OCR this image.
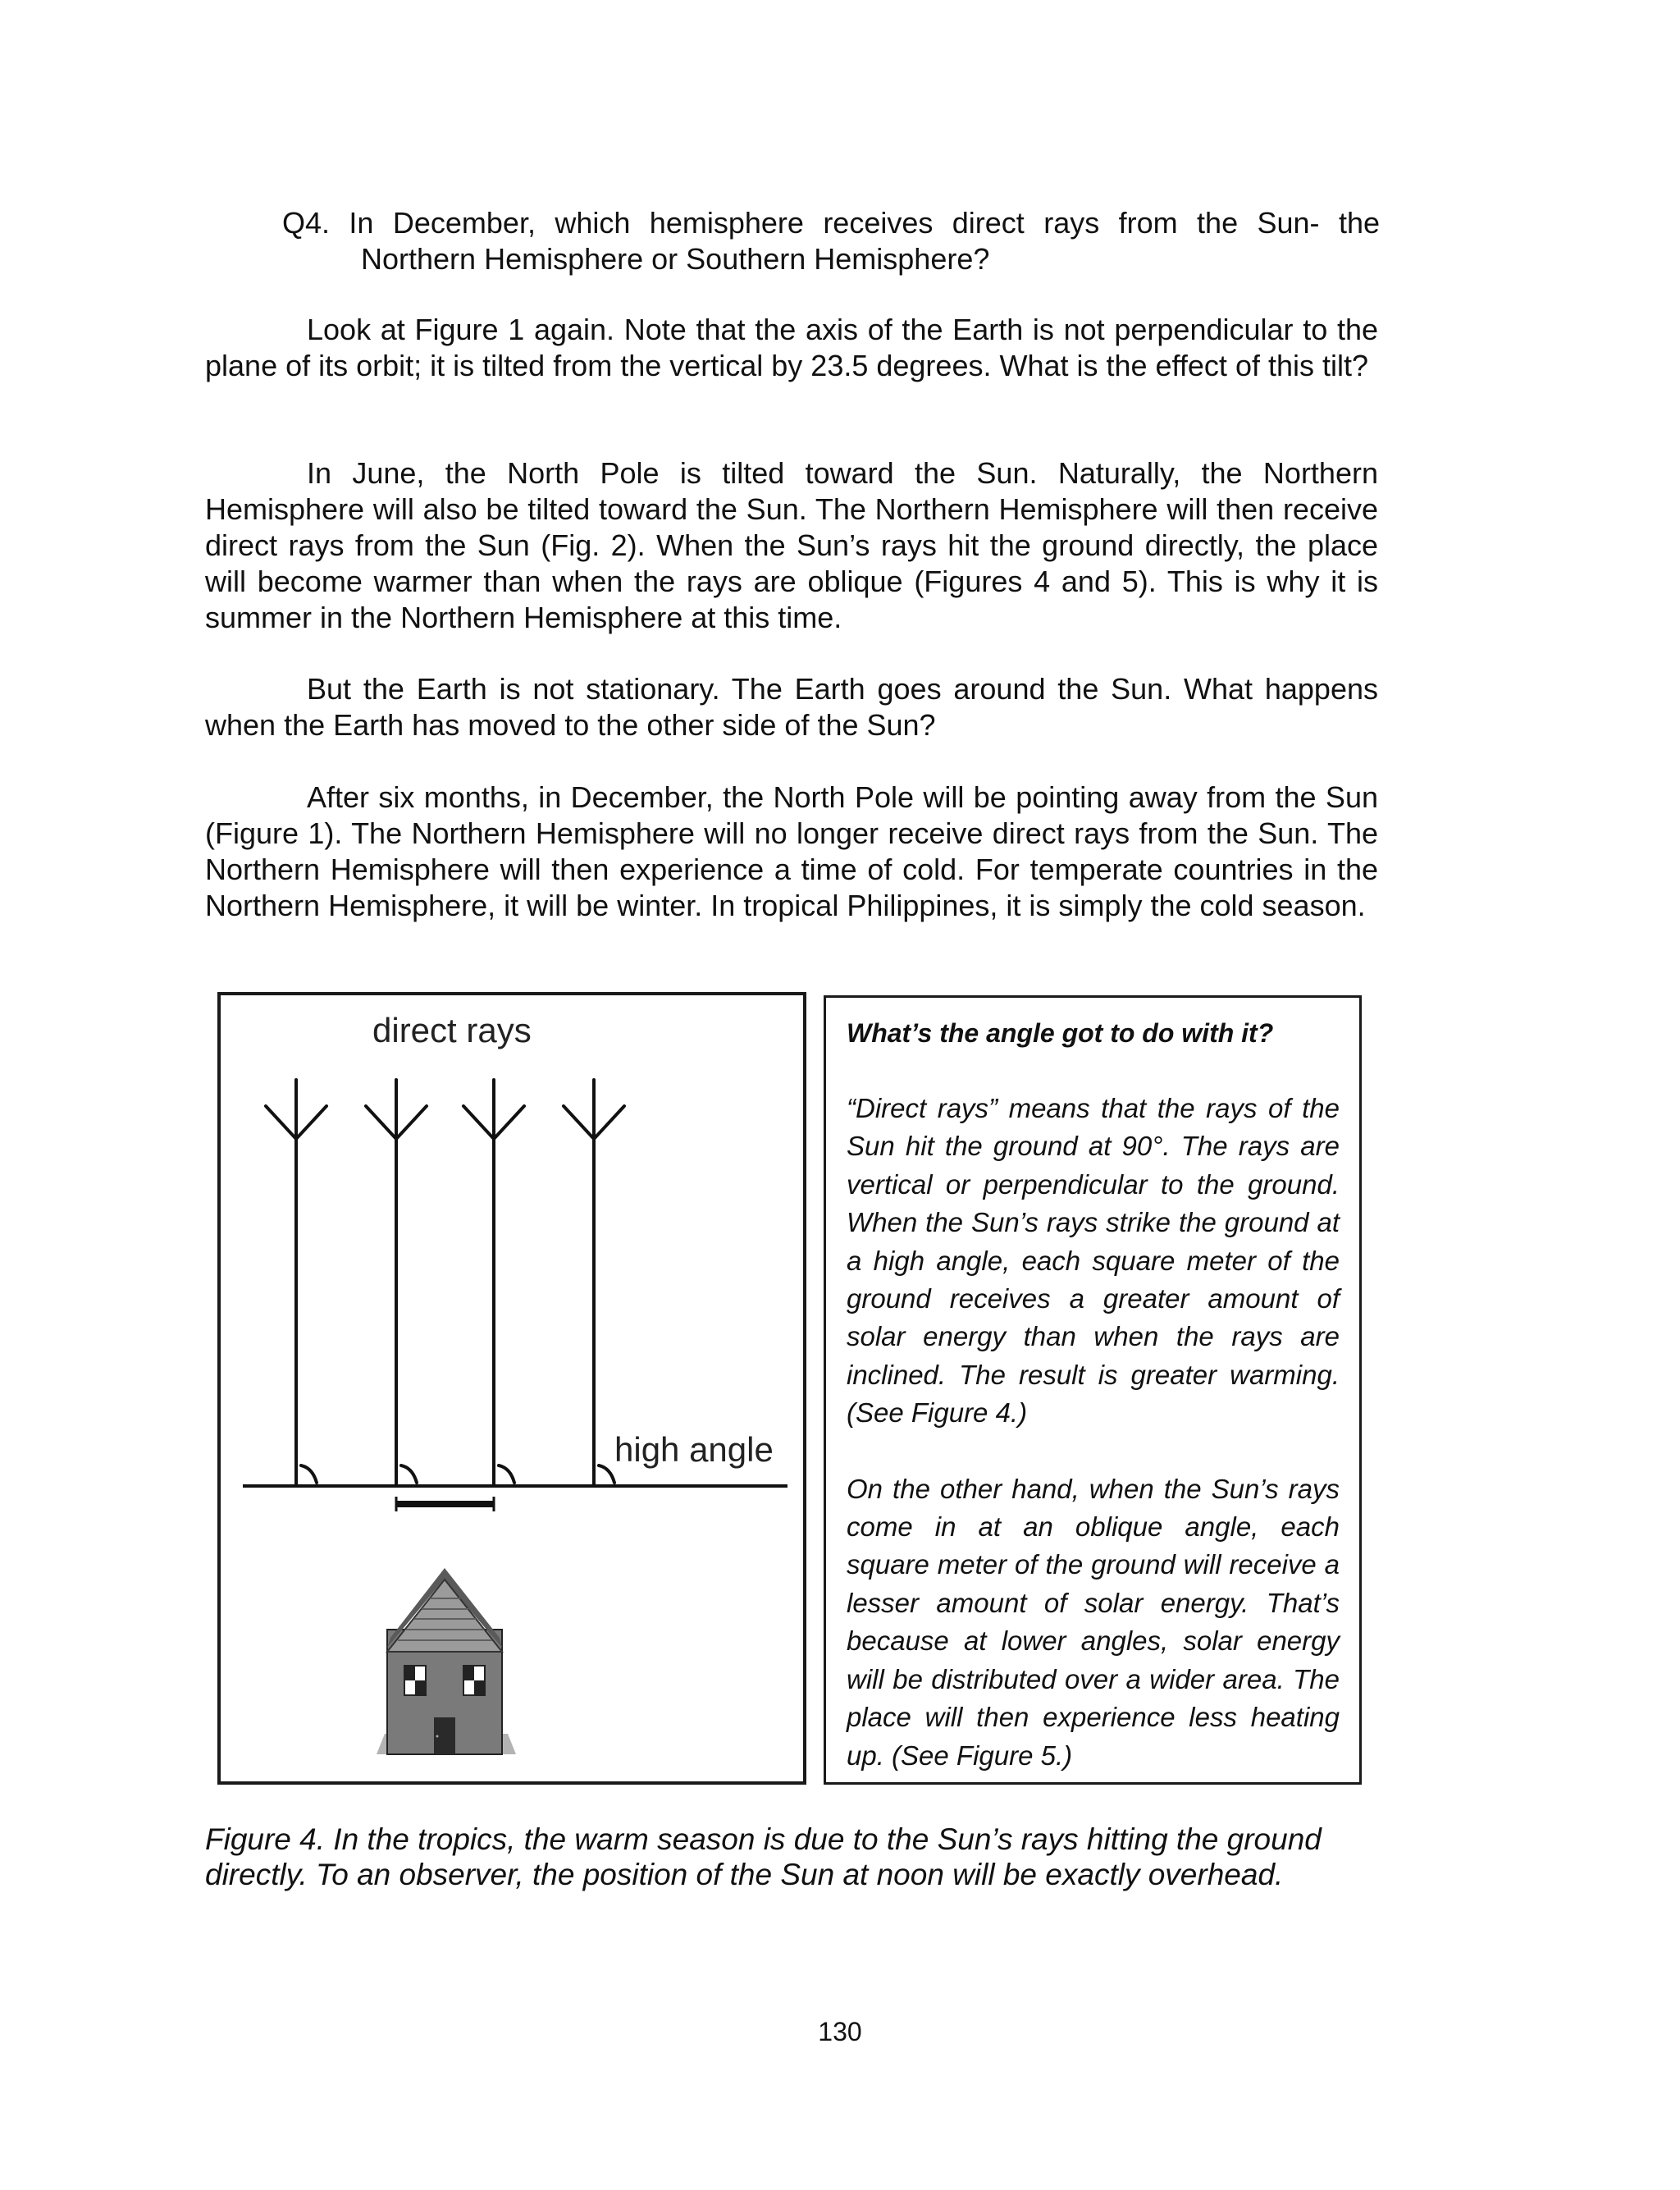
Q4. In December, which hemisphere receives direct rays from the Sun- the
Northern Hemisphere or Southern Hemisphere?

Look at Figure 1 again. Note that the axis of the Earth is not perpendicular to the plane of its orbit; it is tilted from the vertical by 23.5 degrees. What is the effect of this tilt?

In June, the North Pole is tilted toward the Sun. Naturally, the Northern Hemisphere will also be tilted toward the Sun. The Northern Hemisphere will then receive direct rays from the Sun (Fig. 2). When the Sun’s rays hit the ground directly, the place will become warmer than when the rays are oblique (Figures 4 and 5). This is why it is summer in the Northern Hemisphere at this time.

But the Earth is not stationary. The Earth goes around the Sun. What happens when the Earth has moved to the other side of the Sun?

After six months, in December, the North Pole will be pointing away from the Sun (Figure 1). The Northern Hemisphere will no longer receive direct rays from the Sun. The Northern Hemisphere will then experience a time of cold. For temperate countries in the Northern Hemisphere, it will be winter. In tropical Philippines, it is simply the cold season.

direct rays
high angle

What’s the angle got to do with it?

“Direct rays” means that the rays of the Sun hit the ground at 90°. The rays are vertical or perpendicular to the ground. When the Sun’s rays strike the ground at a high angle, each square meter of the ground receives a greater amount of solar energy than when the rays are inclined. The result is greater warming. (See Figure 4.)

On the other hand, when the Sun’s rays come in at an oblique angle, each square meter of the ground will receive a lesser amount of solar energy. That’s because at lower angles, solar energy will be distributed over a wider area. The place will then experience less heating up. (See Figure 5.)

Figure 4. In the tropics, the warm season is due to the Sun’s rays hitting the ground directly. To an observer, the position of the Sun at noon will be exactly overhead.

130
